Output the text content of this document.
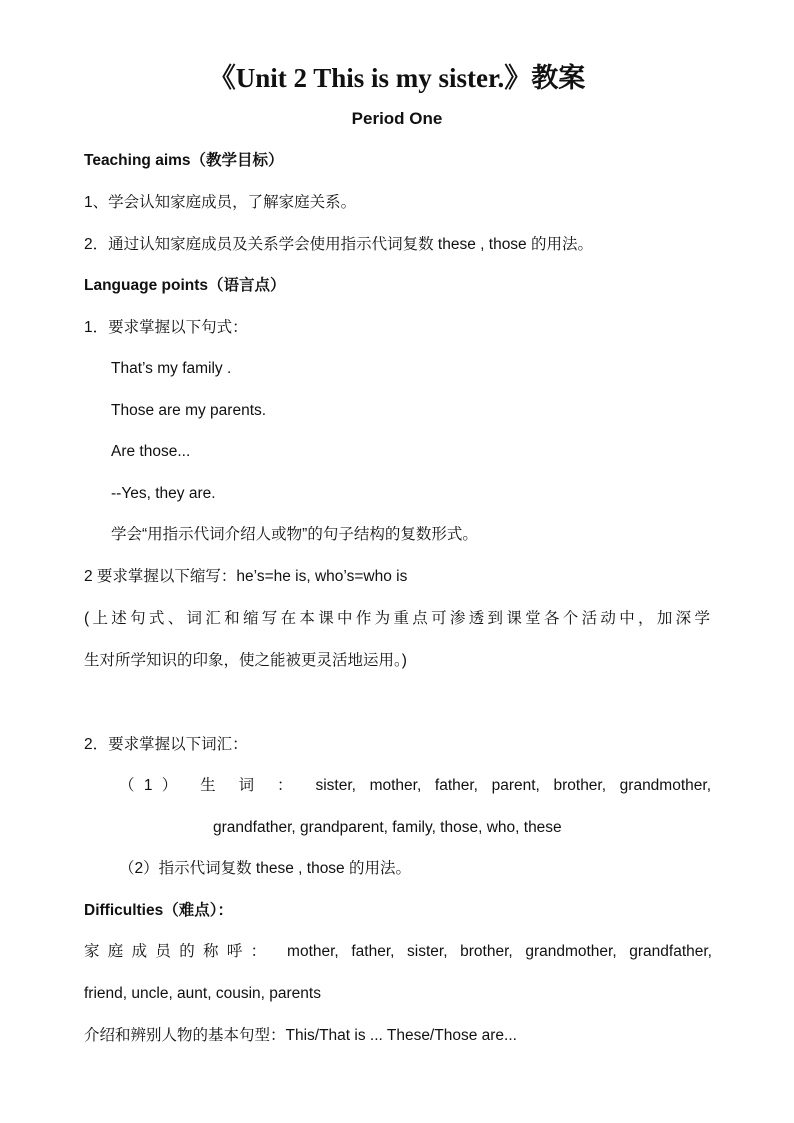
《Unit 2 This is my sister.》教案
Period One
Teaching aims（教学目标）
1、学会认知家庭成员，了解家庭关系。
2．通过认知家庭成员及关系学会使用指示代词复数 these , those 的用法。
Language points（语言点）
1．要求掌握以下句式：
That’s my family .
Those are my parents.
Are those...
--Yes, they are.
学会“用指示代词介绍人或物”的句子结构的复数形式。
2 要求掌握以下缩写：he’s=he is, who’s=who is
(上述句式、词汇和缩写在本课中作为重点可渗透到课堂各个活动中，加深学
生对所学知识的印象，使之能被更灵活地运用。)
2．要求掌握以下词汇：
（1） 生 词 ： sister, mother, father, parent, brother, grandmother,
grandfather, grandparent, family, those, who, these
（2）指示代词复数 these , those 的用法。
Difficulties（难点）：
家庭成员的称呼： mother, father, sister, brother, grandmother, grandfather,
friend, uncle, aunt, cousin, parents
介绍和辨别人物的基本句型：This/That is ... These/Those are...
